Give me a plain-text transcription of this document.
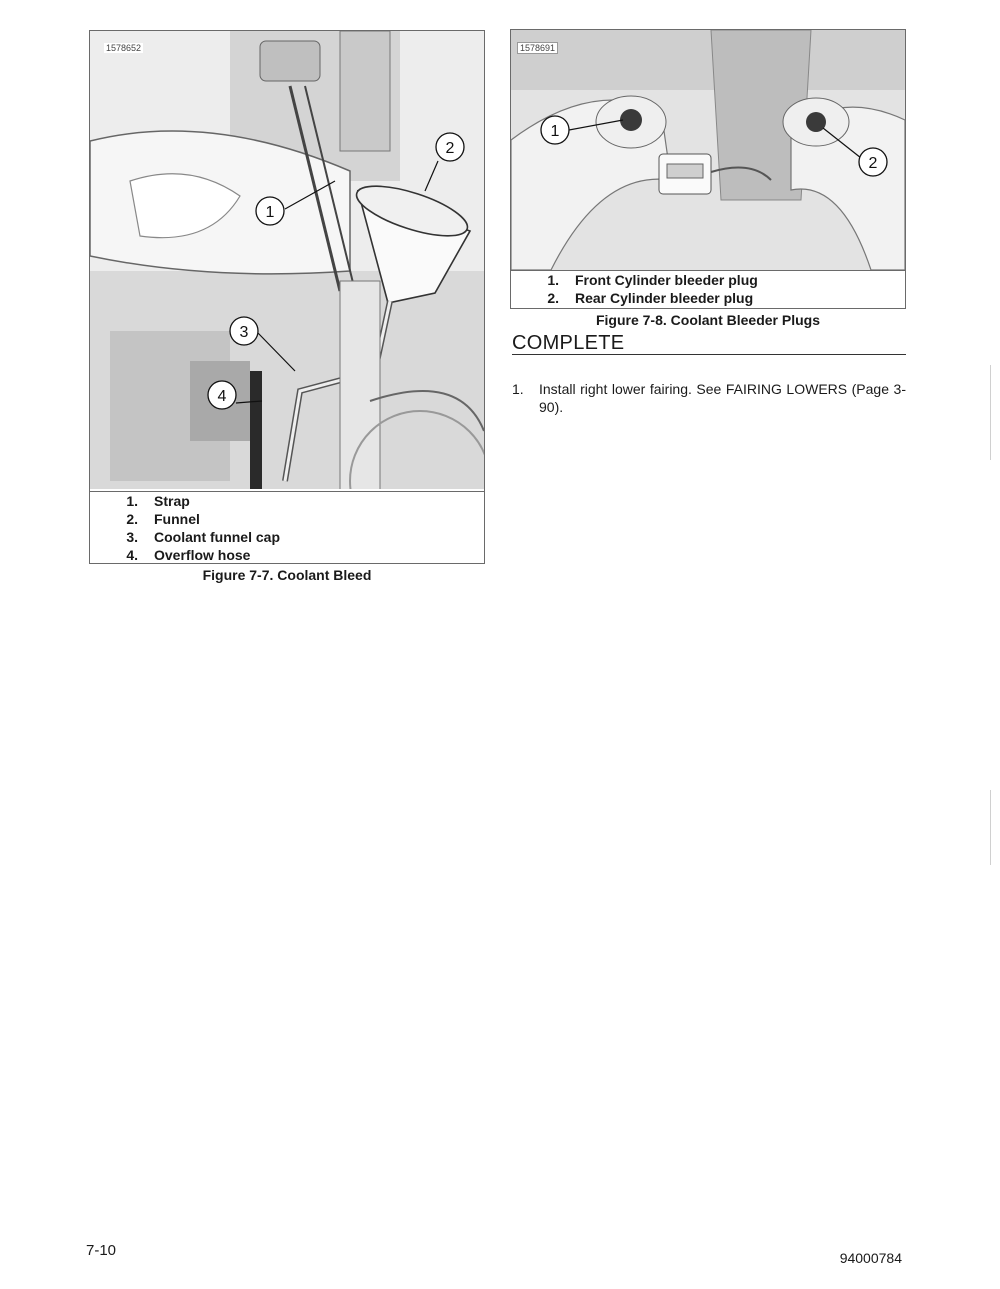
1
2
3
4
1578652
1. Strap
2. Funnel
3. Coolant funnel cap
4. Overflow hose
Figure 7-7. Coolant Bleed
1
2
1578691
1. Front Cylinder bleeder plug
2. Rear Cylinder bleeder plug
Figure 7-8. Coolant Bleeder Plugs
COMPLETE
1. Install right lower fairing. See FAIRING LOWERS (Page 3-90).
7-10	94000784
